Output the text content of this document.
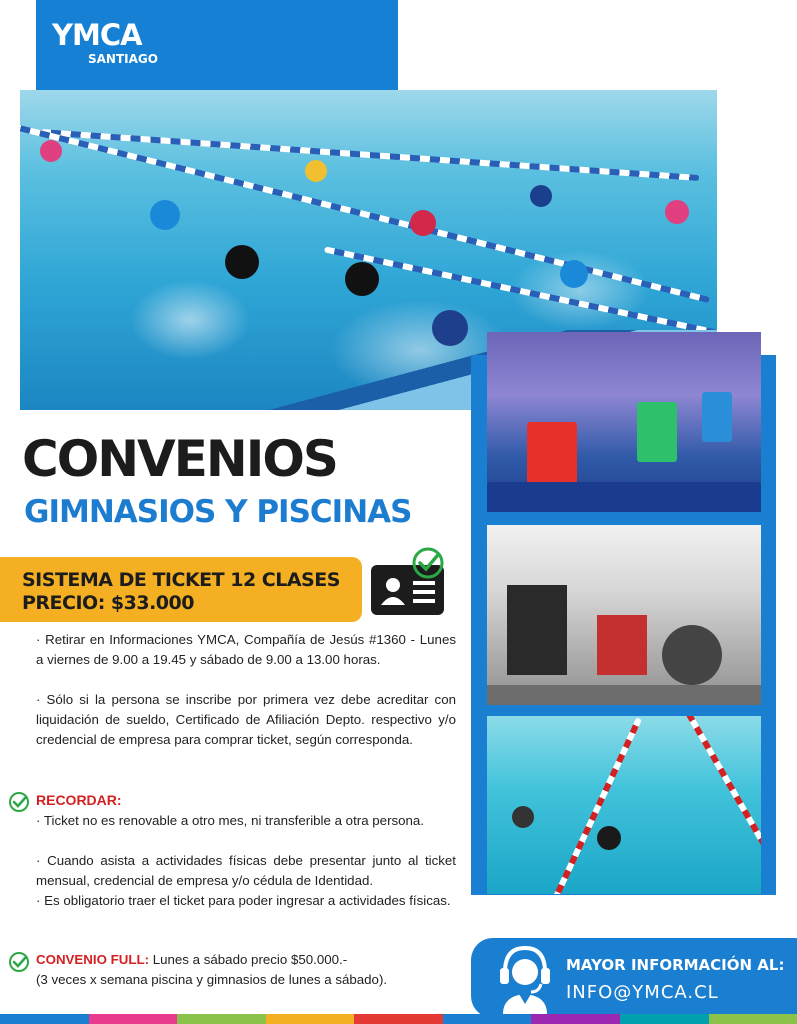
YMCA
SANTIAGO
CONVENIOS
GIMNASIOS Y PISCINAS
SISTEMA DE TICKET 12 CLASES
PRECIO: $33.000

· Retirar en Informaciones YMCA, Compañía de Jesús #1360 - Lunes a viernes de 9.00 a 19.45 y sábado de 9.00 a 13.00 horas.

· Sólo si la persona se inscribe por primera vez debe acreditar con liquidación de sueldo, Certificado de Afiliación Depto. respectivo y/o credencial de empresa para comprar ticket, según corresponda.

RECORDAR:

· Ticket no es renovable a otro mes, ni transferible a otra persona.

· Cuando asista a actividades físicas debe presentar junto al ticket mensual, credencial de empresa y/o cédula de Identidad.

· Es obligatorio traer el ticket para poder ingresar a actividades físicas.

CONVENIO FULL: Lunes a sábado precio $50.000.-

(3 veces x semana piscina y gimnasios de lunes a sábado).

MAYOR INFORMACIÓN AL:
INFO@YMCA.CL
